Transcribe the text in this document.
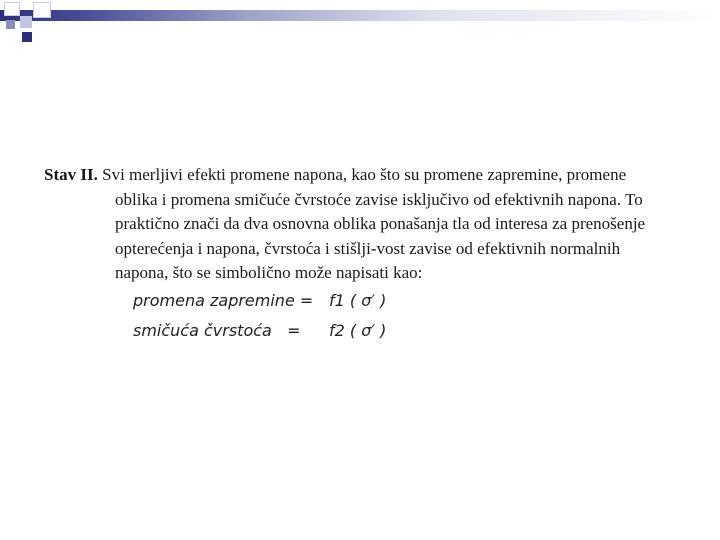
Stav II. Svi merljivi efekti promene napona, kao što su promene zapremine, promene
oblika i promena smičuće čvrstoće zavise isključivo od efektivnih napona. To
praktično znači da dva osnovna oblika ponašanja tla od interesa za prenošenje
opterećenja i napona, čvrstoća i stišlji-vost zavise od efektivnih normalnih
napona, što se simbolično može napisati kao:
promena zapremine = f1 ( σ′ )
smičuća čvrstoća   = f2 ( σ′ )
